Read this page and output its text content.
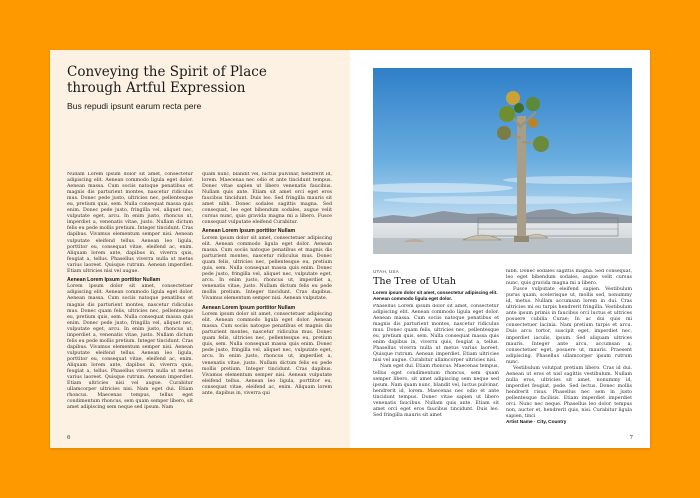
Conveying the Spirit of Place
through Artful Expression
Bus repudi ipsunt earum recta pere

Nullam Lorem ipsum dolor sit amet, consectetur adipiscing elit. Aenean commodo ligula eget dolor. Aenean massa. Cum sociis natoque penatibus et magnis dis parturient montes, nascetur ridiculus mus. Donec pede justo, ultricies nec, pellentesque eu, pretium quis, sem. Nulla consequat massa quis enim. Donec pede justo, fringilla vel, aliquet nec, vulputate eget, arcu. In enim justo, rhoncus ut, imperdiet a, venenatis vitae, justo. Nullam dictum felis eu pede mollis pretium. Integer tincidunt. Cras dapibus. Vivamus elementum semper nisi. Aenean vulputate eleifend tellus. Aenean leo ligula, porttitor eu, consequat vitae, eleifend ac, enim. Aliquam lorem ante, dapibus in, viverra quis, feugiat a, tellus. Phasellus viverra nulla ut metus varius laoreet. Quisque rutrum. Aenean imperdiet. Etiam ultricies nisi vel augue.

Aenean Lorem Ipsum porttitor Nullam

Lorem ipsum dolor sit amet, consectetuer adipiscing elit. Aenean commodo ligula eget dolor. Aenean massa. Cum sociis natoque penatibus et magnis dis parturient montes, nascetur ridiculus mus. Donec quam felis, ultricies nec, pellentesque eu, pretium quis, sem. Nulla consequat massa quis enim. Donec pede justo, fringilla vel, aliquet nec, vulputate eget, arcu. In enim justo, rhoncus ut, imperdiet a, venenatis vitae, justo. Nullam dictum felis eu pede mollis pretium. Integer tincidunt. Cras dapibus. Vivamus elementum semper nisi. Aenean vulputate eleifend tellus. Aenean leo ligula, porttitor eu, consequat vitae, eleifend ac, enim. Aliquam lorem ante, dapibus in, viverra quis, feugiat a, tellus. Phasellus viverra nulla ut metus varius laoreet. Quisque rutrum. Aenean imperdiet. Etiam ultricies nisi vel augue. Curabitur ullamcorper ultricies nisi. Nam eget dui. Etiam rhoncus. Maecenas tempus, tellus eget condimentum rhoncus, sem quam semper libero, sit amet adipiscing sem neque sed ipsum. Nam

quam nunc, blandit vel, luctus pulvinar, hendrerit id, lorem. Maecenas nec odio et ante tincidunt tempus. Donec vitae sapien ut libero venenatis faucibus. Nullam quis ante. Etiam sit amet orci eget eros faucibus tincidunt. Duis leo. Sed fringilla mauris sit amet nibh. Donec sodales sagittis magna. Sed consequat, leo eget bibendum sodales, augue velit cursus nunc, quis gravida magna mi a libero. Fusce consequat vulputate eleifend Curabitur.

Aenean Lorem Ipsum porttitor Nullam

Lorem ipsum dolor sit amet, consectetuer adipiscing elit. Aenean commodo ligula eget dolor. Aenean massa. Cum sociis natoque penatibus et magnis dis parturient montes, nascetur ridiculus mus. Donec quam felis, ultricies nec, pellentesque eu, pretium quis, sem. Nulla consequat massa quis enim. Donec pede justo, fringilla vel, aliquet nec, vulputate eget, arcu. In enim justo, rhoncus ut, imperdiet a, venenatis vitae, justo. Nullam dictum felis eu pede mollis pretium. Integer tincidunt. Cras dapibus. Vivamus elementum semper nisi. Aenean vulputate.

Aenean Lorem Ipsum porttitor Nullam

Lorem ipsum dolor sit amet, consectetuer adipiscing elit. Aenean commodo ligula eget dolor. Aenean massa. Cum sociis natoque penatibus et magnis dis parturient montes, nascetur ridiculus mus. Donec quam felis, ultricies nec, pellentesque eu, pretium quis, sem. Nulla consequat massa quis enim. Donec pede justo, fringilla vel, aliquet nec, vulputate eget, arcu. In enim justo, rhoncus ut, imperdiet a, venenatis vitae, justo. Nullam dictum felis eu pede mollis pretium. Integer tincidunt. Cras dapibus. Vivamus elementum semper nisi. Aenean vulputate eleifend tellus. Aenean leo ligula, porttitor eu, consequat vitae, eleifend ac, enim. Aliquam lorem ante, dapibus in, viverra qui

6
UTAH, USA
The Tree of Utah
Lorem ipsum dolor sit amet, consectetur adipiscing elit. Aenean commodo ligula eget dolor.

Phasellus Lorem ipsum dolor sit amet, consectetur adipiscing elit. Aenean commodo ligula eget dolor. Aenean massa. Cum sociis natoque penatibus et magnis dis parturient montes, nascetur ridiculus mus. Donec quam felis, ultricies nec, pellentesque eu, pretium quis, sem. Nulla consequat massa quis enim dapibus in, viverra quis, feugiat a, tellus. Phasellus viverra nulla ut metus varius laoreet. Quisque rutrum. Aenean imperdiet. Etiam ultricies nisi vel augue. Curabitur ullamcorper ultricies nisi.

Nam eget dui. Etiam rhoncus. Maecenas tempus, tellus eget condimentum rhoncus, sem quam semper libero, sit amet adipiscing sem neque sed ipsum. Nam quam nunc, blandit vel, luctus pulvinar, hendrerit id, lorem. Maecenas nec odio et ante tincidunt tempus. Donec vitae sapien ut libero venenatis faucibus. Nullam quis ante. Etiam sit amet orci eget eros faucibus tincidunt. Duis leo. Sed fringilla mauris sit amet

nibh. Donec sodales sagittis magna. Sed consequat, leo eget bibendum sodales, augue velit cursus nunc, quis gravida magna mi a libero.

Fusce vulputate eleifend sapien. Vestibulum purus quam, scelerisque ut, mollis sed, nonummy id, metus. Nullam accumsan lorem in dui. Cras ultricies mi eu turpis hendrerit fringilla. Vestibulum ante ipsum primis in faucibus orci luctus et ultrices posuere cubilia Curae; In ac dui quis mi consectetuer lacinia. Nam pretium turpis et arcu. Duis arcu tortor, suscipit eget, imperdiet nec, imperdiet iaculis, ipsum. Sed aliquam ultrices mauris. Integer ante arcu, accumsan a, consectetuer eget, posuere ut, mauris. Praesent adipiscing. Phasellus ullamcorper ipsum rutrum nunc.

Vestibulum volutpat pretium libero. Cras id dui. Aenean ut eros et nisl sagittis vestibulum. Nullam nulla eros, ultricies sit amet, nonummy id, imperdiet feugiat, pede. Sed lectus. Donec mollis hendrerit risus. Phasellus nec sem in justo pellentesque facilisis. Etiam imperdiet imperdiet orci. Nunc nec neque. Phasellus leo dolor, tempus non, auctor et, hendrerit quis, nisi. Curabitur ligula sapien, tinci

Artist Name · City, Country

7
